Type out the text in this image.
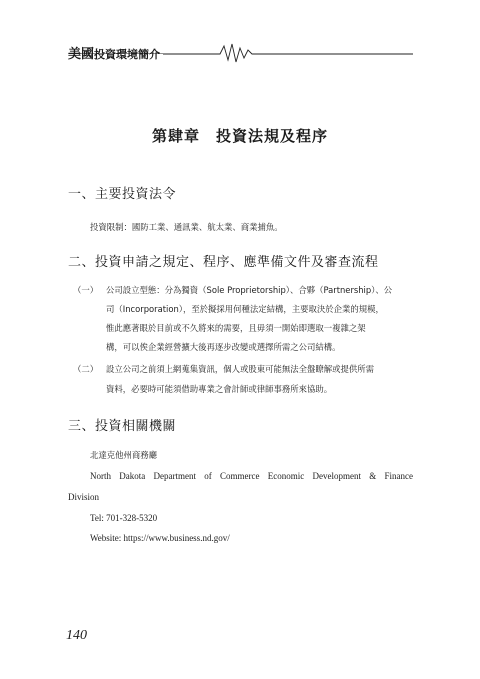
美國投資環境簡介
第肆章　投資法規及程序
一、主要投資法令
投資限制：國防工業、通訊業、航太業、商業捕魚。
二、投資申請之規定、程序、應準備文件及審查流程
（一） 公司設立型態：分為獨資（Sole Proprietorship）、合夥（Partnership）、公
司（Incorporation），至於擬採用何種法定結構，主要取決於企業的規模，
惟此應著眼於目前或不久將來的需要，且毋須一開始即選取一複雜之架
構，可以俟企業經營擴大後再逐步改變或選擇所需之公司結構。
（二） 設立公司之前須上網蒐集資訊，個人或股東可能無法全盤瞭解或提供所需
資料，必要時可能須借助專業之會計師或律師事務所來協助。
三、投資相關機關
北達克他州商務廳
North Dakota Department of Commerce Economic Development & Finance
Division
Tel: 701-328-5320
Website: https://www.business.nd.gov/
140
